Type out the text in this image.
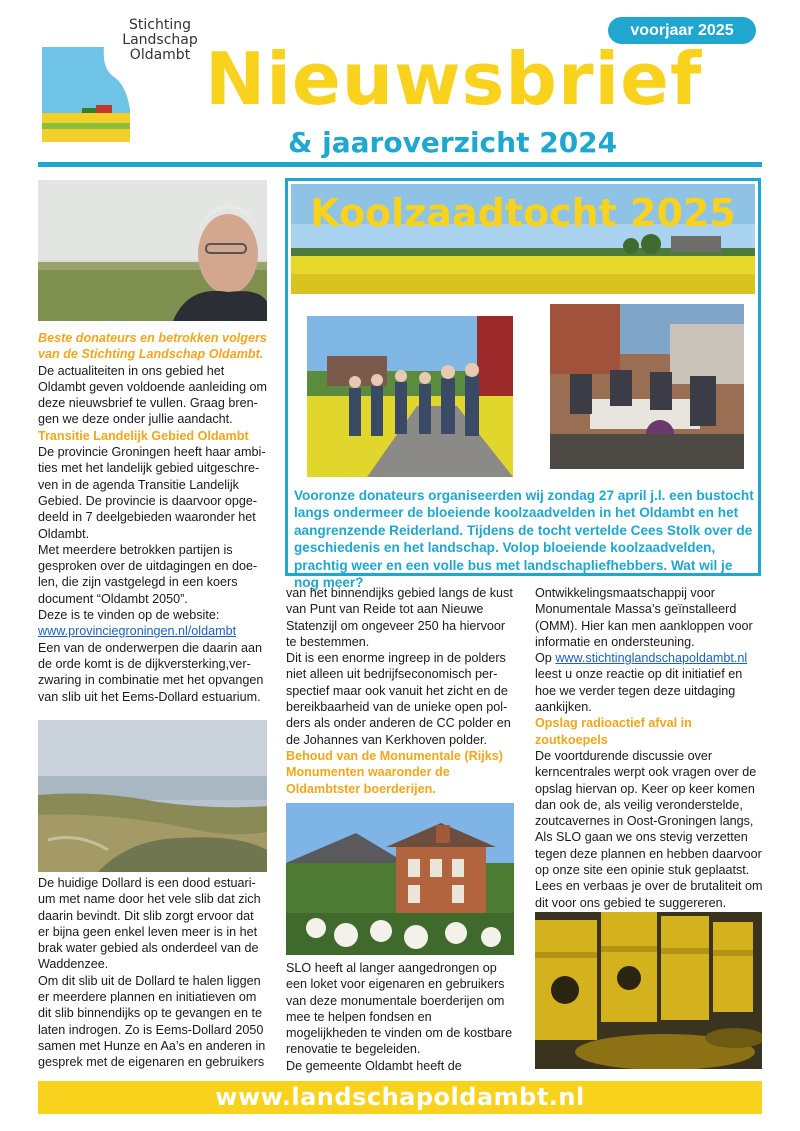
Stichting
Landschap
Oldambt
voorjaar 2025
Nieuwsbrief
& jaaroverzicht 2024

Beste donateurs en betrokken volgers van de Stichting Landschap Oldambt.

De actualiteiten in ons gebied het Oldambt geven voldoende aanleiding om deze nieuwsbrief te vullen. Graag brengen we deze onder jullie aandacht.

Transitie Landelijk Gebied Oldambt

De provincie Groningen heeft haar ambities met het landelijk gebied uitgeschreven in de agenda Transitie Landelijk Gebied. De provincie is daarvoor opgedeeld in 7 deelgebieden waaronder het Oldambt.

Met meerdere betrokken partijen is gesproken over de uitdagingen en doelen, die zijn vastgelegd in een koers document “Oldambt 2050”.

Deze is te vinden op de website:

www.provinciegroningen.nl/oldambt

Een van de onderwerpen die daarin aan de orde komt is de dijkversterking,verzwaring in combinatie met het opvangen van slib uit het Eems-Dollard estuarium.

De huidige Dollard is een dood estuarium met name door het vele slib dat zich daarin bevindt. Dit slib zorgt ervoor dat er bijna geen enkel leven meer is in het brak water gebied als onderdeel van de Waddenzee.

Om dit slib uit de Dollard te halen liggen er meerdere plannen en initiatieven om dit slib binnendijks op te gevangen en te laten indrogen. Zo is Eems-Dollard 2050 samen met Hunze en Aa’s en anderen in gesprek met de eigenaren en gebruikers

Koolzaadtocht 2025
Vooronze donateurs organiseerden wij zondag 27 april j.l. een bustocht langs ondermeer de bloeiende koolzaadvelden in het Oldambt en het aangrenzende Reiderland. Tijdens de tocht vertelde Cees Stolk over de geschiedenis en het landschap. Volop bloeiende koolzaadvelden, prachtig weer en een volle bus met landschapliefhebbers. Wat wil je nog meer?

van het binnendijks gebied langs de kust van Punt van Reide tot aan Nieuwe Statenzijl om ongeveer 250 ha hiervoor te bestemmen.

Dit is een enorme ingreep in de polders niet alleen uit bedrijfseconomisch perspectief maar ook vanuit het zicht en de bereikbaarheid van de unieke open polders als onder anderen de CC polder en de Johannes van Kerkhoven polder.

Behoud van de Monumentale (Rijks) Monumenten waaronder de Oldambtster boerderijen.

SLO heeft al langer aangedrongen op een loket voor eigenaren en gebruikers van deze monumentale boerderijen om mee te helpen fondsen en mogelijkheden te vinden om de kostbare renovatie te begeleiden.

De gemeente Oldambt heeft de

Ontwikkelingsmaatschappij voor Monumentale Massa’s geïnstalleerd (OMM). Hier kan men aankloppen voor informatie en ondersteuning.

Op www.stichtinglandschapoldambt.nl leest u onze reactie op dit initiatief en hoe we verder tegen deze uitdaging aankijken.

Opslag radioactief afval in zoutkoepels

De voortdurende discussie over kerncentrales werpt ook vragen over de opslag hiervan op. Keer op keer komen dan ook de, als veilig veronderstelde, zoutcavernes in Oost-Groningen langs,

Als SLO gaan we ons stevig verzetten tegen deze plannen en hebben daarvoor op onze site een opinie stuk geplaatst.

Lees en verbaas je over de brutaliteit om dit voor ons gebied te suggereren.

www.landschapoldambt.nl
